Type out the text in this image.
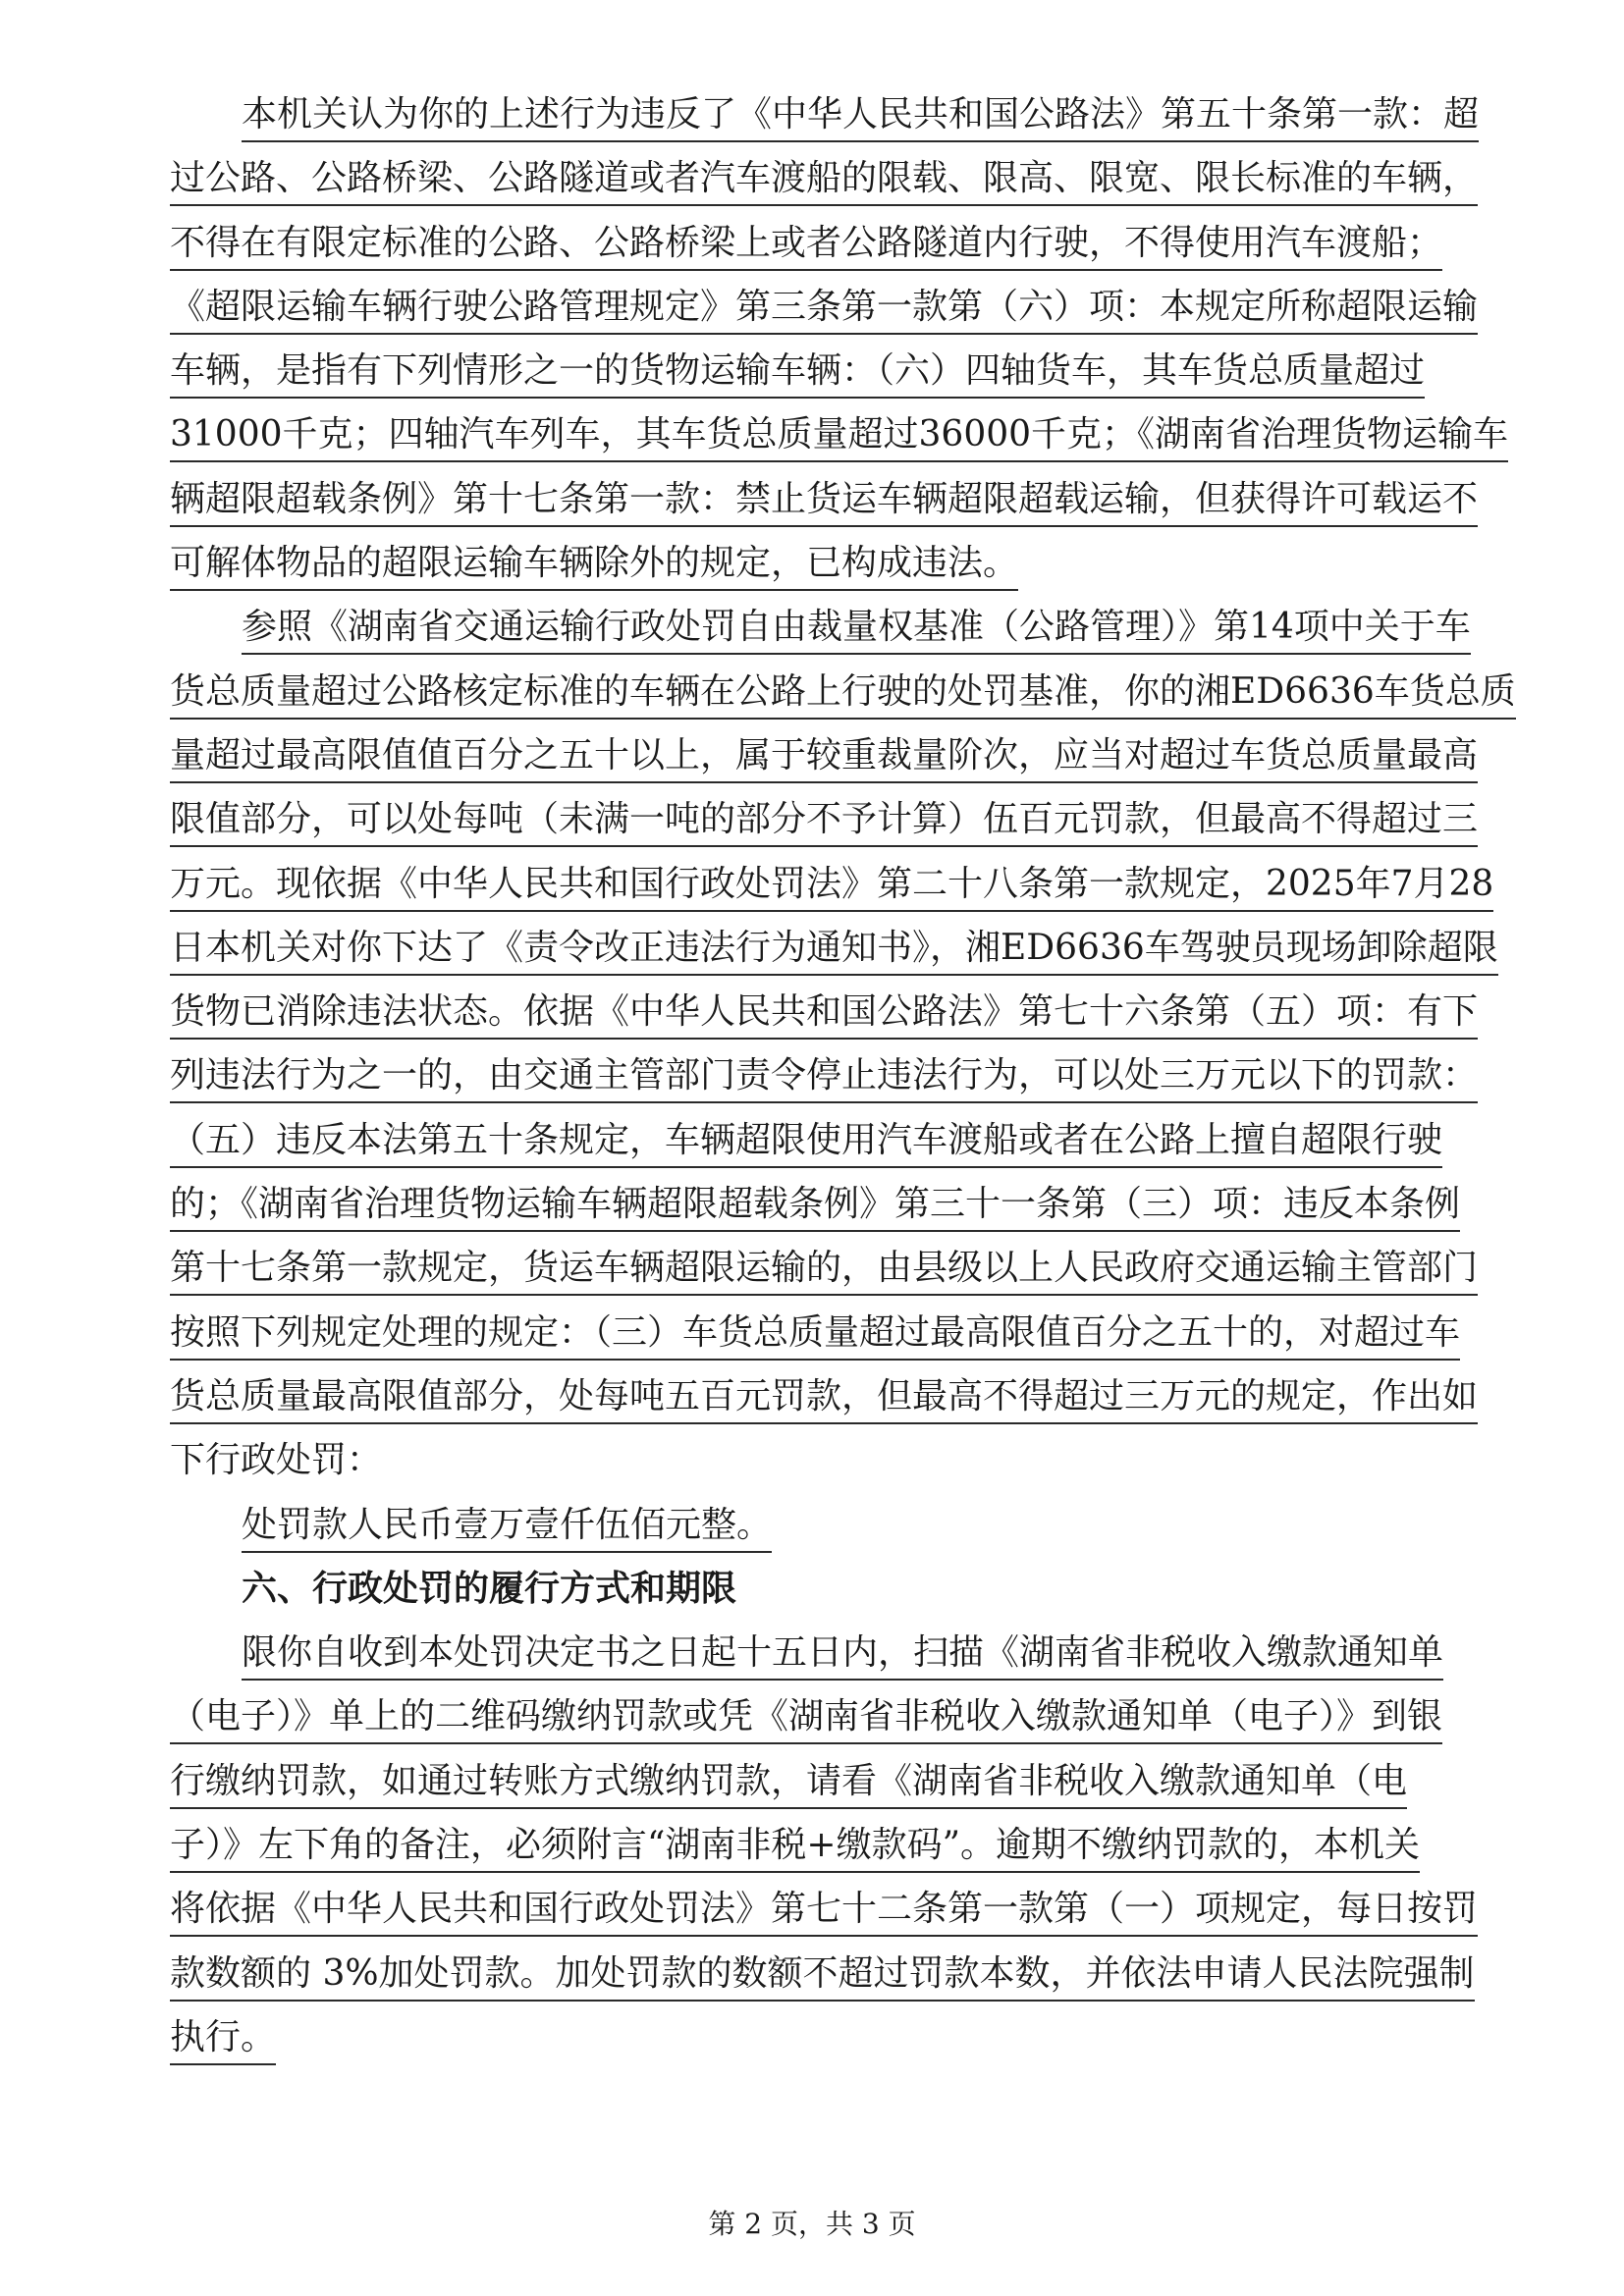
本机关认为你的上述行为违反了《中华人民共和国公路法》第五十条第一款：超
过公路、公路桥梁、公路隧道或者汽车渡船的限载、限高、限宽、限长标准的车辆，
不得在有限定标准的公路、公路桥梁上或者公路隧道内行驶，不得使用汽车渡船；
《超限运输车辆行驶公路管理规定》第三条第一款第（六）项：本规定所称超限运输
车辆，是指有下列情形之一的货物运输车辆：（六）四轴货车，其车货总质量超过
31000千克；四轴汽车列车，其车货总质量超过36000千克；《湖南省治理货物运输车
辆超限超载条例》第十七条第一款：禁止货运车辆超限超载运输，但获得许可载运不
可解体物品的超限运输车辆除外的规定，已构成违法。
参照《湖南省交通运输行政处罚自由裁量权基准（公路管理）》第14项中关于车
货总质量超过公路核定标准的车辆在公路上行驶的处罚基准，你的湘ED6636车货总质
量超过最高限值值百分之五十以上，属于较重裁量阶次，应当对超过车货总质量最高
限值部分，可以处每吨（未满一吨的部分不予计算）伍百元罚款，但最高不得超过三
万元。现依据《中华人民共和国行政处罚法》第二十八条第一款规定，2025年7月28
日本机关对你下达了《责令改正违法行为通知书》，湘ED6636车驾驶员现场卸除超限
货物已消除违法状态。依据《中华人民共和国公路法》第七十六条第（五）项：有下
列违法行为之一的，由交通主管部门责令停止违法行为，可以处三万元以下的罚款：
（五）违反本法第五十条规定，车辆超限使用汽车渡船或者在公路上擅自超限行驶
的；《湖南省治理货物运输车辆超限超载条例》第三十一条第（三）项：违反本条例
第十七条第一款规定，货运车辆超限运输的，由县级以上人民政府交通运输主管部门
按照下列规定处理的规定：（三）车货总质量超过最高限值百分之五十的，对超过车
货总质量最高限值部分，处每吨五百元罚款，但最高不得超过三万元的规定，作出如
下行政处罚：
处罚款人民币壹万壹仟伍佰元整。
六、行政处罚的履行方式和期限
限你自收到本处罚决定书之日起十五日内，扫描《湖南省非税收入缴款通知单
（电子）》单上的二维码缴纳罚款或凭《湖南省非税收入缴款通知单（电子）》到银
行缴纳罚款，如通过转账方式缴纳罚款，请看《湖南省非税收入缴款通知单（电
子）》左下角的备注，必须附言“湖南非税+缴款码”。逾期不缴纳罚款的，本机关
将依据《中华人民共和国行政处罚法》第七十二条第一款第（一）项规定，每日按罚
款数额的 3%加处罚款。加处罚款的数额不超过罚款本数，并依法申请人民法院强制
执行。
第 2 页，共 3 页
